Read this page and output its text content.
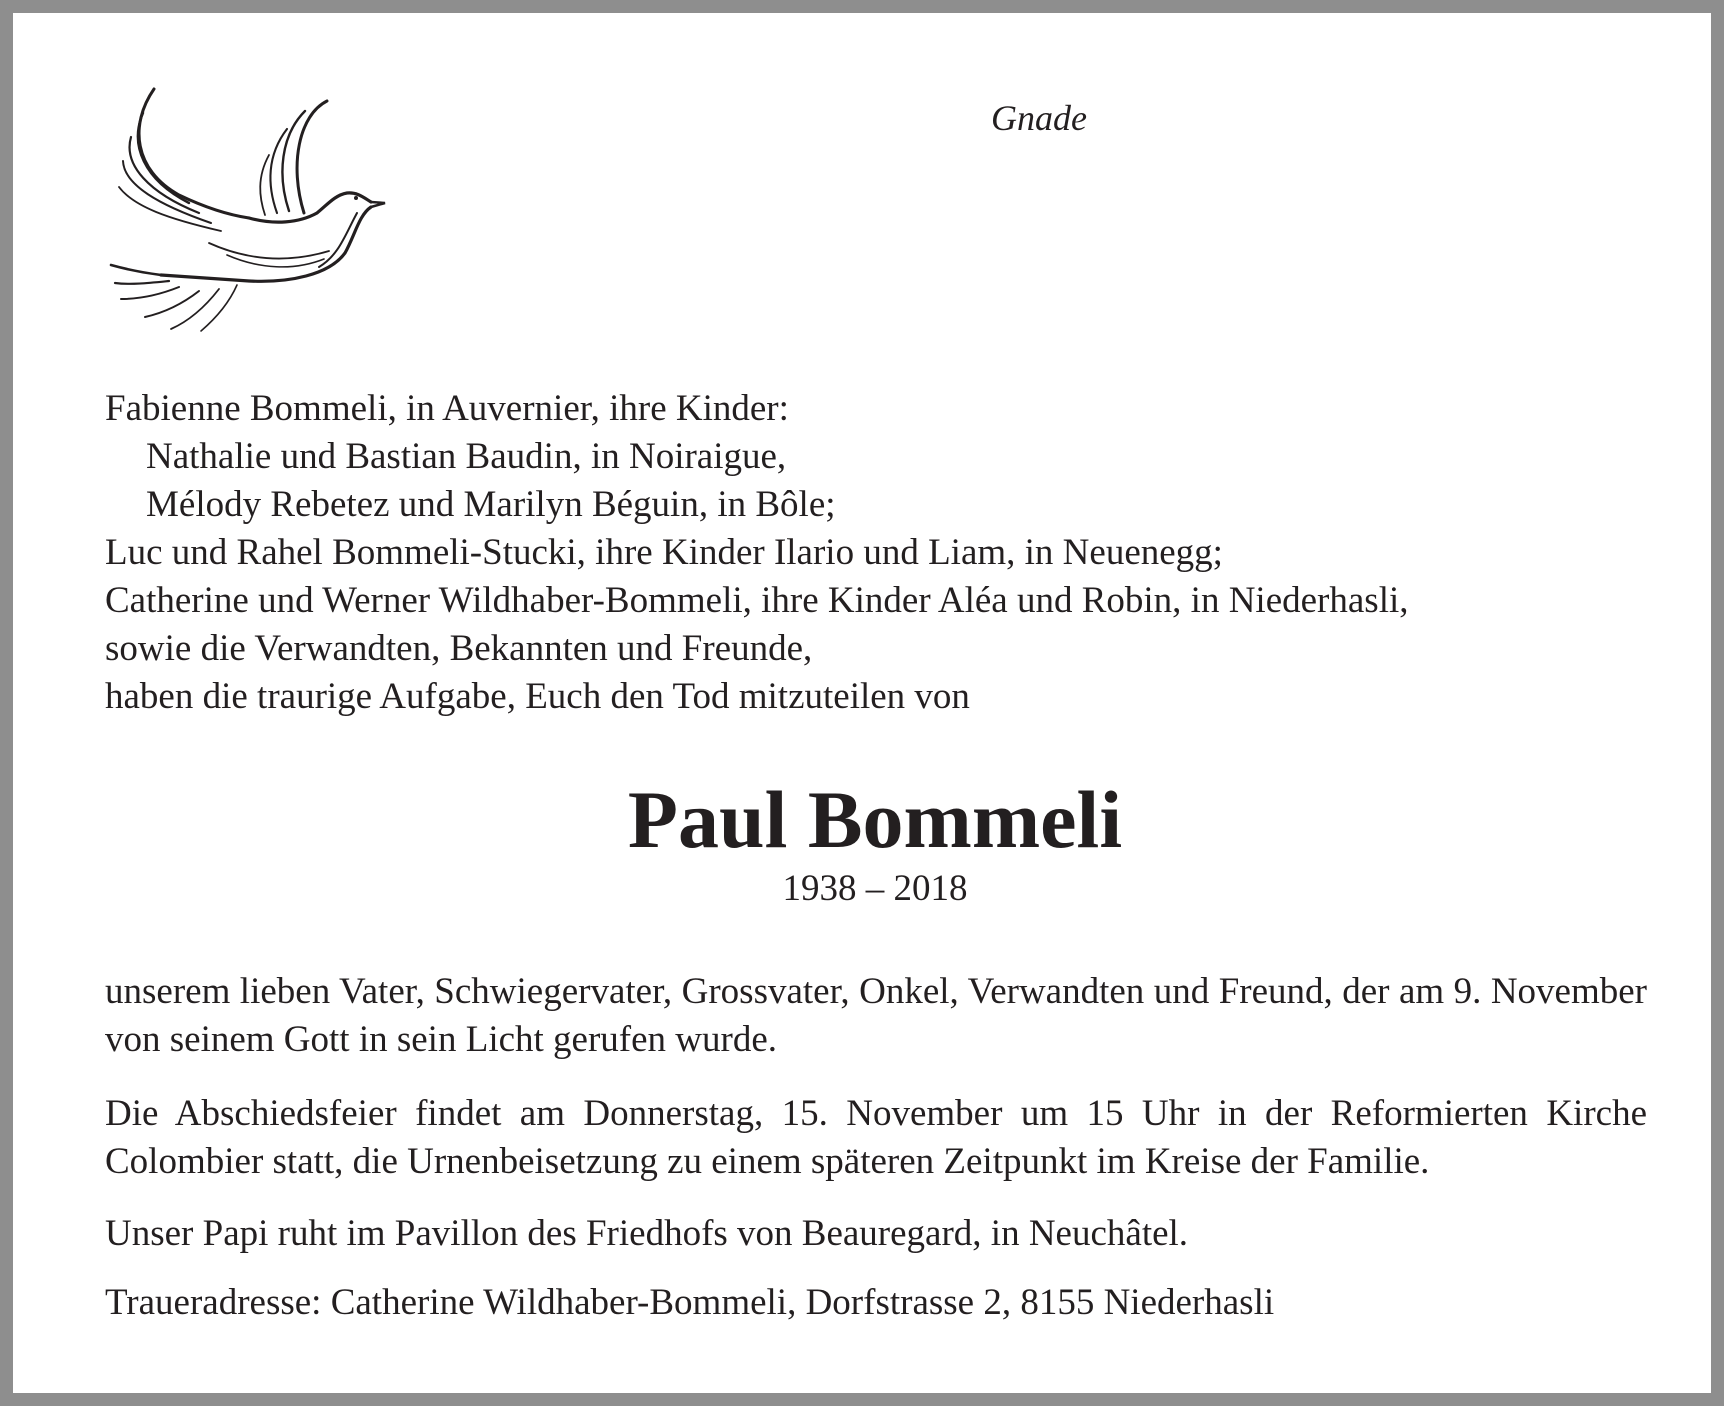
Gnade

Fabienne Bommeli, in Auvernier, ihre Kinder:
Nathalie und Bastian Baudin, in Noiraigue,
Mélody Rebetez und Marilyn Béguin, in Bôle;
Luc und Rahel Bommeli-Stucki, ihre Kinder Ilario und Liam, in Neuenegg;
Catherine und Werner Wildhaber-Bommeli, ihre Kinder Aléa und Robin, in Niederhasli,
sowie die Verwandten, Bekannten und Freunde,
haben die traurige Aufgabe, Euch den Tod mitzuteilen von
Paul Bommeli

1938 – 2018

unserem lieben Vater, Schwiegervater, Grossvater, Onkel, Verwandten und Freund, der am 9. November von seinem Gott in sein Licht gerufen wurde.

Die Abschiedsfeier findet am Donnerstag, 15. November um 15 Uhr in der Reformierten Kirche Colombier statt, die Urnenbeisetzung zu einem späteren Zeitpunkt im Kreise der Familie.

Unser Papi ruht im Pavillon des Friedhofs von Beauregard, in Neuchâtel.

Traueradresse: Catherine Wildhaber-Bommeli, Dorfstrasse 2, 8155 Niederhasli
